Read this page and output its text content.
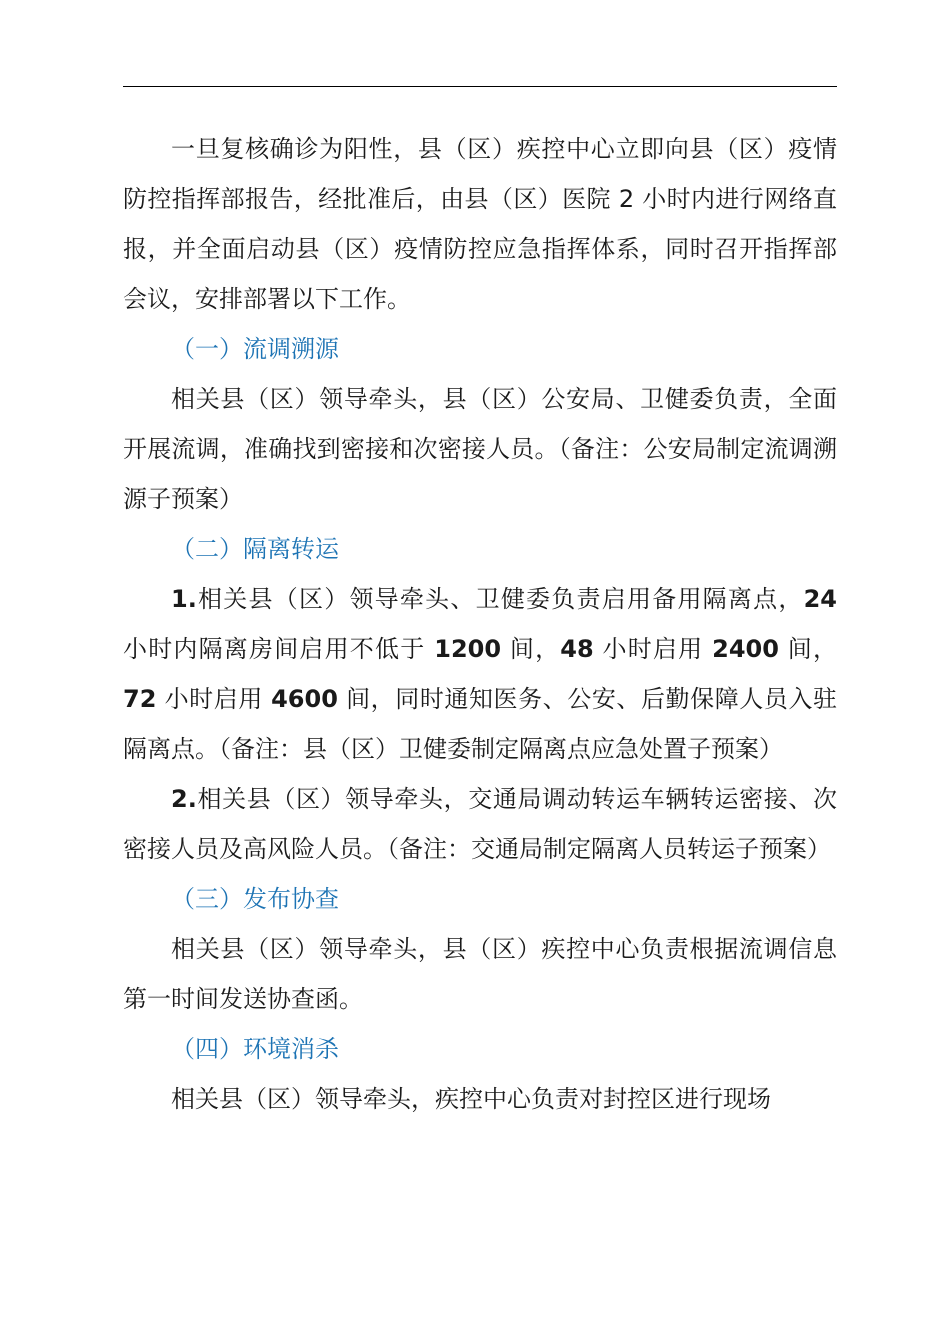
一旦复核确诊为阳性，县（区）疾控中心立即向县（区）疫情防控指挥部报告，经批准后，由县（区）医院 2 小时内进行网络直报，并全面启动县（区）疫情防控应急指挥体系，同时召开指挥部会议，安排部署以下工作。

（一）流调溯源

相关县（区）领导牵头，县（区）公安局、卫健委负责，全面开展流调，准确找到密接和次密接人员。（备注：公安局制定流调溯源子预案）

（二）隔离转运

1.相关县（区）领导牵头、卫健委负责启用备用隔离点，24 小时内隔离房间启用不低于 1200 间，48 小时启用 2400 间，72 小时启用 4600 间，同时通知医务、公安、后勤保障人员入驻隔离点。（备注：县（区）卫健委制定隔离点应急处置子预案）

2.相关县（区）领导牵头，交通局调动转运车辆转运密接、次密接人员及高风险人员。（备注：交通局制定隔离人员转运子预案）

（三）发布协查

相关县（区）领导牵头，县（区）疾控中心负责根据流调信息第一时间发送协查函。

（四）环境消杀

相关县（区）领导牵头，疾控中心负责对封控区进行现场
